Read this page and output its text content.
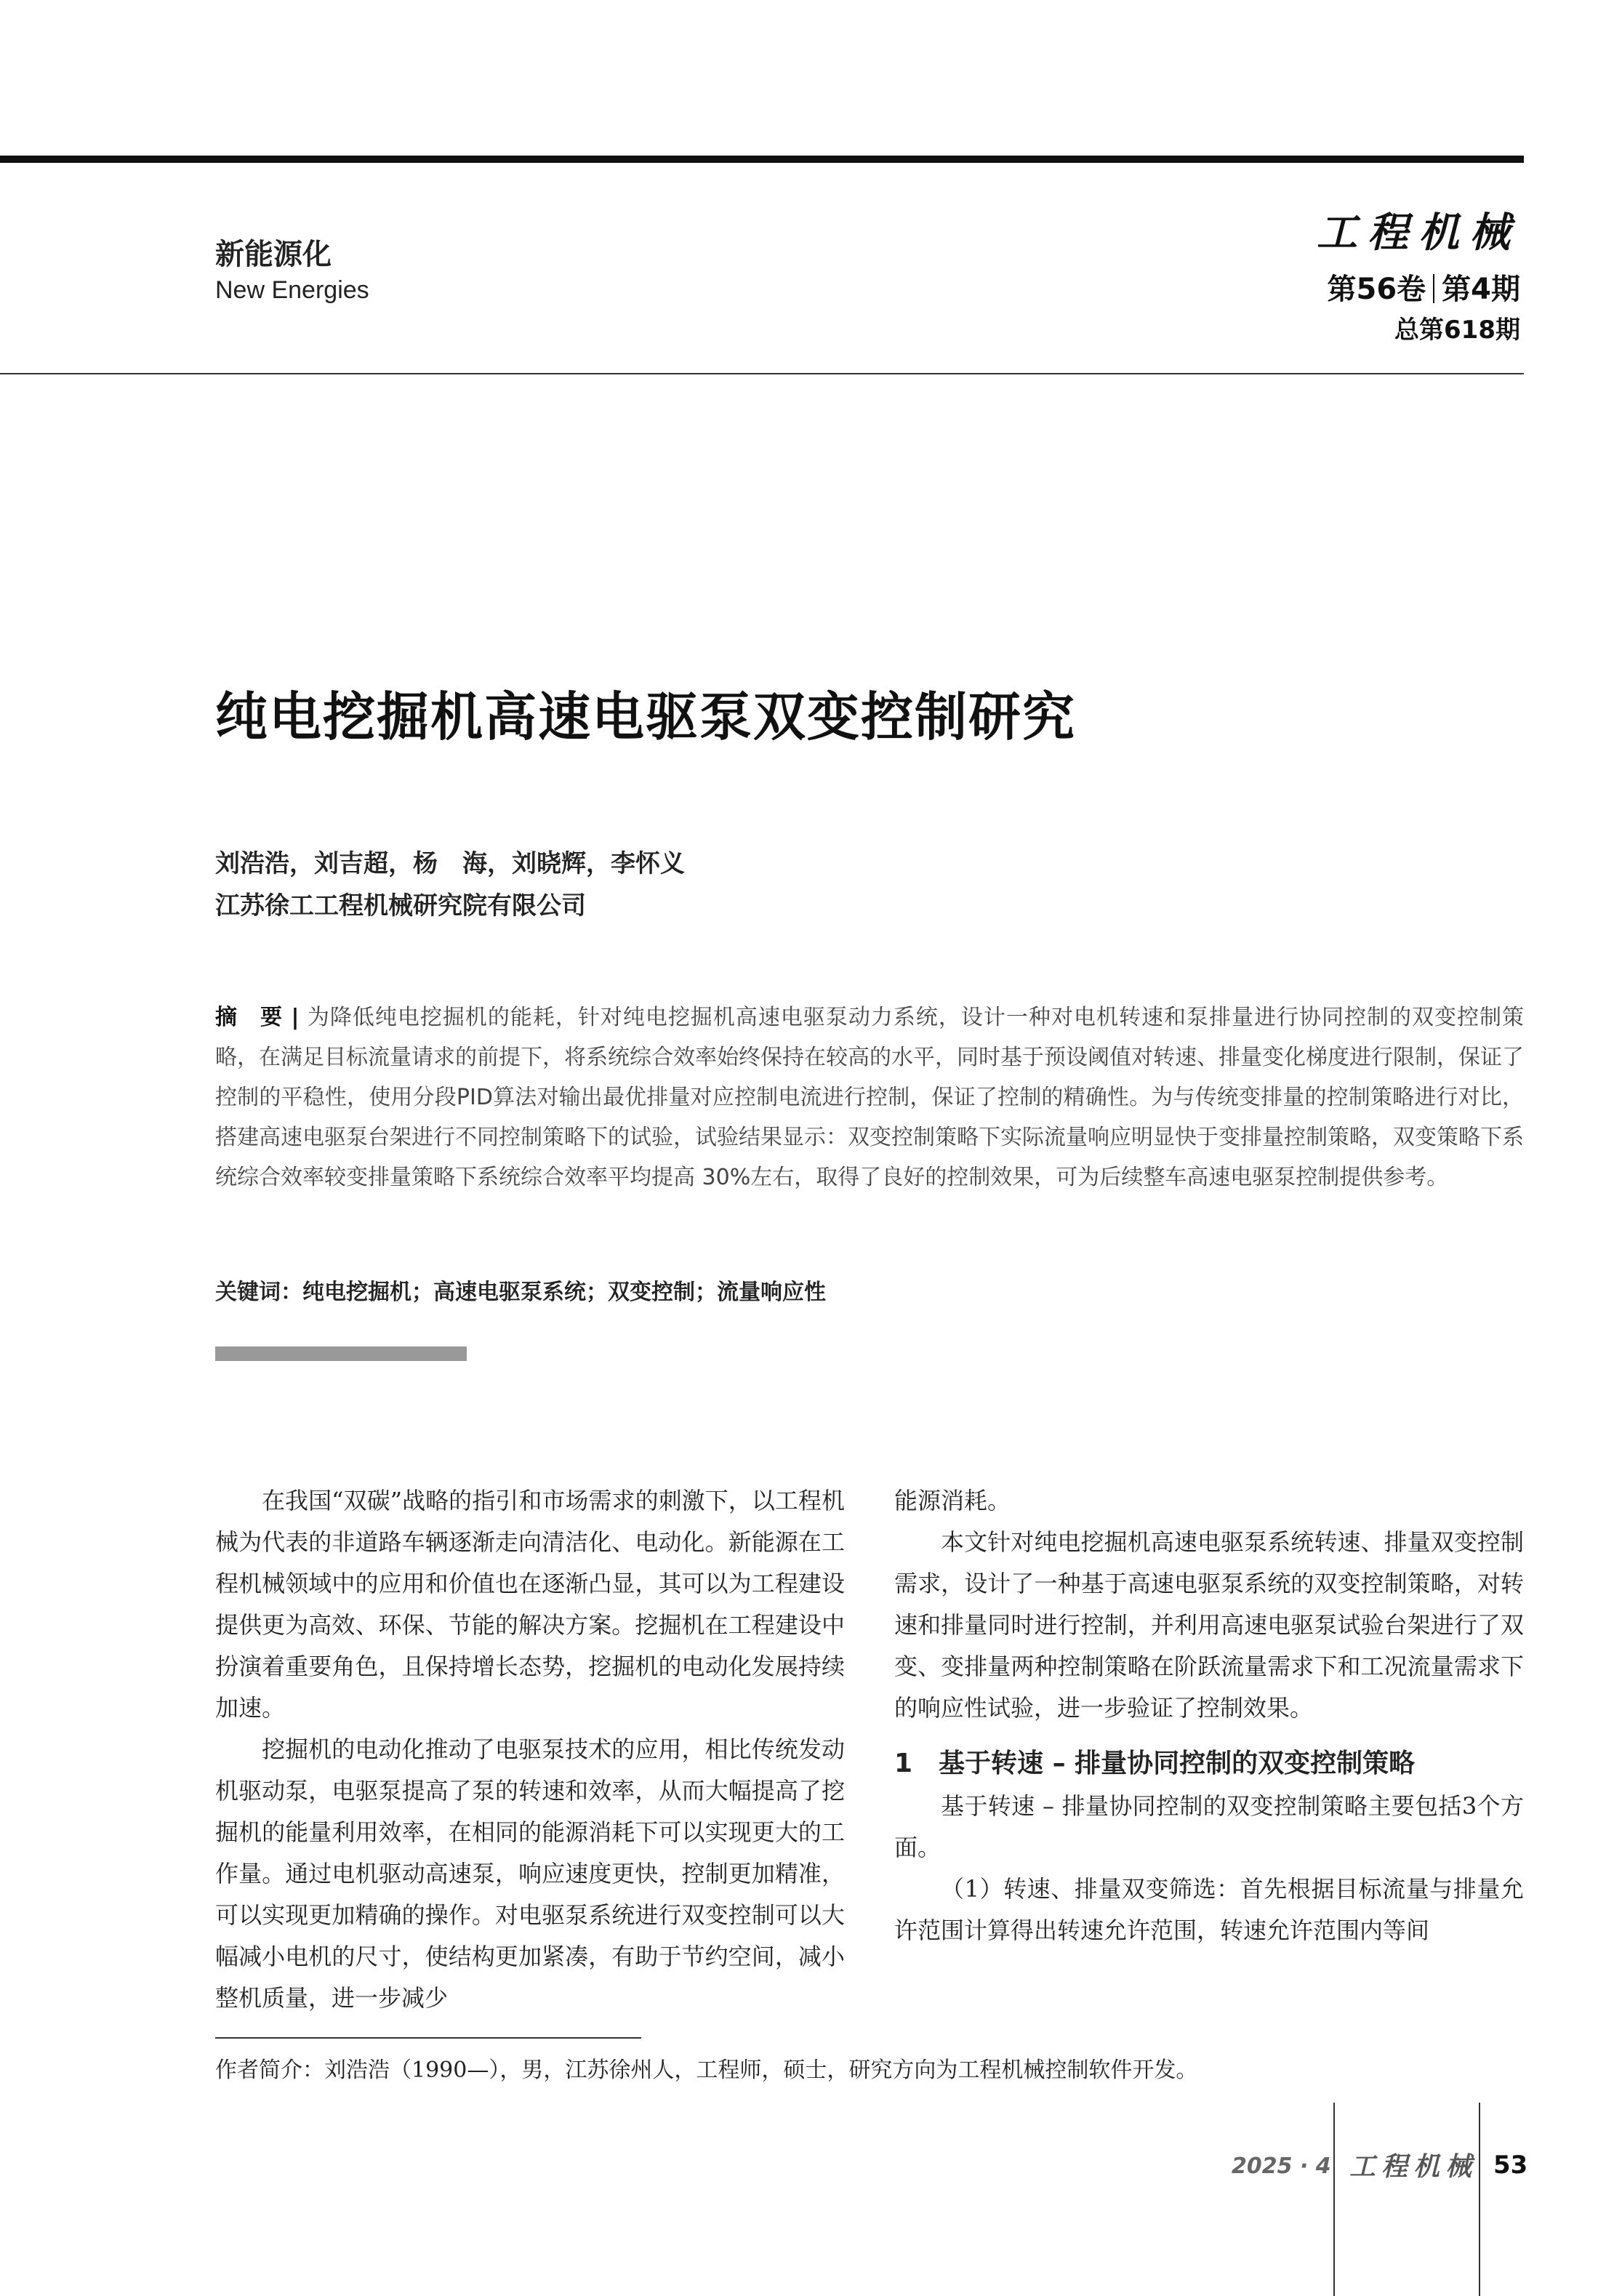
新能源化
New Energies
工程机械
第56卷 第4期
总第618期
纯电挖掘机高速电驱泵双变控制研究
刘浩浩，刘吉超，杨　海，刘晓辉，李怀义
江苏徐工工程机械研究院有限公司
摘　要 | 为降低纯电挖掘机的能耗，针对纯电挖掘机高速电驱泵动力系统，设计一种对电机转速和泵排量进行协同控制的双变控制策略，在满足目标流量请求的前提下，将系统综合效率始终保持在较高的水平，同时基于预设阈值对转速、排量变化梯度进行限制，保证了控制的平稳性，使用分段PID算法对输出最优排量对应控制电流进行控制，保证了控制的精确性。为与传统变排量的控制策略进行对比，搭建高速电驱泵台架进行不同控制策略下的试验，试验结果显示：双变控制策略下实际流量响应明显快于变排量控制策略，双变策略下系统综合效率较变排量策略下系统综合效率平均提高 30%左右，取得了良好的控制效果，可为后续整车高速电驱泵控制提供参考。
关键词：纯电挖掘机；高速电驱泵系统；双变控制；流量响应性

在我国“双碳”战略的指引和市场需求的刺激下，以工程机械为代表的非道路车辆逐渐走向清洁化、电动化。新能源在工程机械领域中的应用和价值也在逐渐凸显，其可以为工程建设提供更为高效、环保、节能的解决方案。挖掘机在工程建设中扮演着重要角色，且保持增长态势，挖掘机的电动化发展持续加速。

挖掘机的电动化推动了电驱泵技术的应用，相比传统发动机驱动泵，电驱泵提高了泵的转速和效率，从而大幅提高了挖掘机的能量利用效率，在相同的能源消耗下可以实现更大的工作量。通过电机驱动高速泵，响应速度更快，控制更加精准，可以实现更加精确的操作。对电驱泵系统进行双变控制可以大幅减小电机的尺寸，使结构更加紧凑，有助于节约空间，减小整机质量，进一步减少

能源消耗。

本文针对纯电挖掘机高速电驱泵系统转速、排量双变控制需求，设计了一种基于高速电驱泵系统的双变控制策略，对转速和排量同时进行控制，并利用高速电驱泵试验台架进行了双变、变排量两种控制策略在阶跃流量需求下和工况流量需求下的响应性试验，进一步验证了控制效果。

1　基于转速 – 排量协同控制的双变控制策略

基于转速 – 排量协同控制的双变控制策略主要包括3个方面。

（1）转速、排量双变筛选：首先根据目标流量与排量允许范围计算得出转速允许范围，转速允许范围内等间

作者简介：刘浩浩（1990—），男，江苏徐州人，工程师，硕士，研究方向为工程机械控制软件开发。
2025 · 4 工程机械 53
